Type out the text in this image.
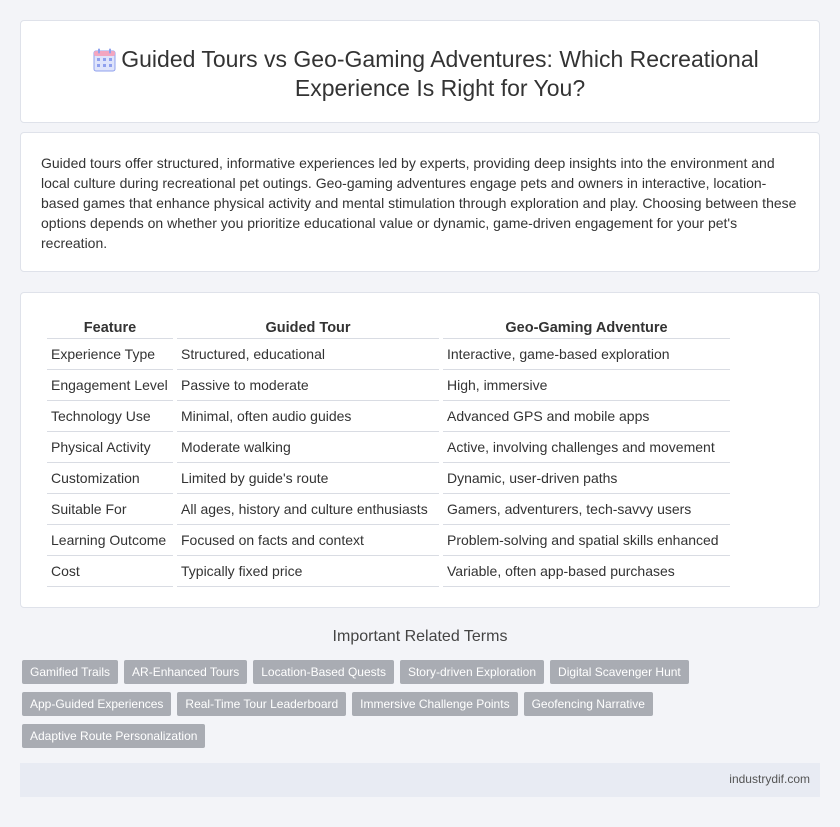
Guided Tours vs Geo-Gaming Adventures: Which Recreational Experience Is Right for You?

Guided tours offer structured, informative experiences led by experts, providing deep insights into the environment and local culture during recreational pet outings. Geo-gaming adventures engage pets and owners in interactive, location-based games that enhance physical activity and mental stimulation through exploration and play. Choosing between these options depends on whether you prioritize educational value or dynamic, game-driven engagement for your pet's recreation.

Feature	Guided Tour	Geo-Gaming Adventure
Experience Type	Structured, educational	Interactive, game-based exploration
Engagement Level	Passive to moderate	High, immersive
Technology Use	Minimal, often audio guides	Advanced GPS and mobile apps
Physical Activity	Moderate walking	Active, involving challenges and movement
Customization	Limited by guide's route	Dynamic, user-driven paths
Suitable For	All ages, history and culture enthusiasts	Gamers, adventurers, tech-savvy users
Learning Outcome	Focused on facts and context	Problem-solving and spatial skills enhanced
Cost	Typically fixed price	Variable, often app-based purchases
Important Related Terms
Gamified Trails	AR-Enhanced Tours	Location-Based Quests	Story-driven Exploration	Digital Scavenger Hunt
App-Guided Experiences	Real-Time Tour Leaderboard	Immersive Challenge Points	Geofencing Narrative
Adaptive Route Personalization
industrydif.com
